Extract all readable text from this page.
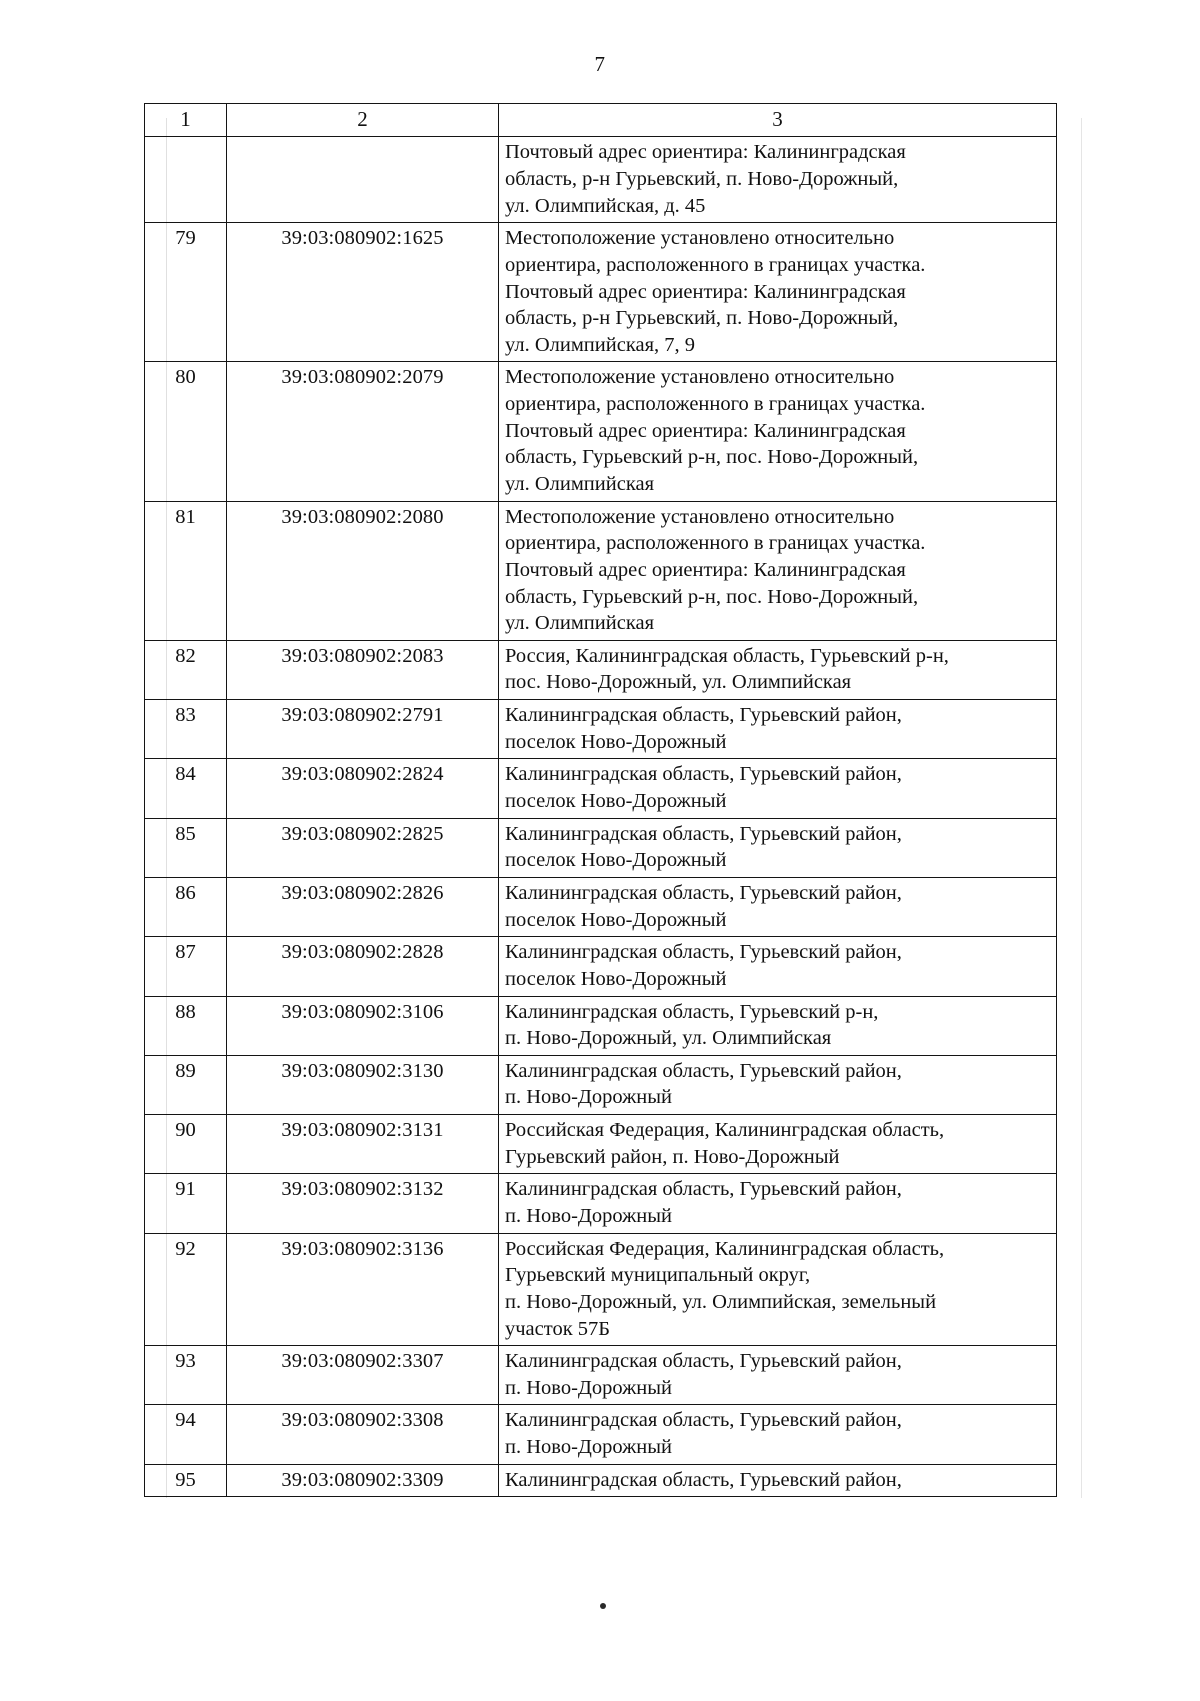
7
1	2	3

		Почтовый адрес ориентира: Калининградская
область, р-н Гурьевский, п. Ново-Дорожный,
ул. Олимпийская, д. 45

79	39:03:080902:1625	Местоположение установлено относительно
ориентира, расположенного в границах участка.
Почтовый адрес ориентира: Калининградская
область, р-н Гурьевский, п. Ново-Дорожный,
ул. Олимпийская, 7, 9

80	39:03:080902:2079	Местоположение установлено относительно
ориентира, расположенного в границах участка.
Почтовый адрес ориентира: Калининградская
область, Гурьевский р-н, пос. Ново-Дорожный,
ул. Олимпийская

81	39:03:080902:2080	Местоположение установлено относительно
ориентира, расположенного в границах участка.
Почтовый адрес ориентира: Калининградская
область, Гурьевский р-н, пос. Ново-Дорожный,
ул. Олимпийская

82	39:03:080902:2083	Россия, Калининградская область, Гурьевский р-н,
пос. Ново-Дорожный, ул. Олимпийская

83	39:03:080902:2791	Калининградская область, Гурьевский район,
поселок Ново-Дорожный

84	39:03:080902:2824	Калининградская область, Гурьевский район,
поселок Ново-Дорожный

85	39:03:080902:2825	Калининградская область, Гурьевский район,
поселок Ново-Дорожный

86	39:03:080902:2826	Калининградская область, Гурьевский район,
поселок Ново-Дорожный

87	39:03:080902:2828	Калининградская область, Гурьевский район,
поселок Ново-Дорожный

88	39:03:080902:3106	Калининградская область, Гурьевский р-н,
п. Ново-Дорожный, ул. Олимпийская

89	39:03:080902:3130	Калининградская область, Гурьевский район,
п. Ново-Дорожный

90	39:03:080902:3131	Российская Федерация, Калининградская область,
Гурьевский район, п. Ново-Дорожный

91	39:03:080902:3132	Калининградская область, Гурьевский район,
п. Ново-Дорожный

92	39:03:080902:3136	Российская Федерация, Калининградская область,
Гурьевский муниципальный округ,
п. Ново-Дорожный, ул. Олимпийская, земельный
участок 57Б

93	39:03:080902:3307	Калининградская область, Гурьевский район,
п. Ново-Дорожный

94	39:03:080902:3308	Калининградская область, Гурьевский район,
п. Ново-Дорожный

95	39:03:080902:3309	Калининградская область, Гурьевский район,
